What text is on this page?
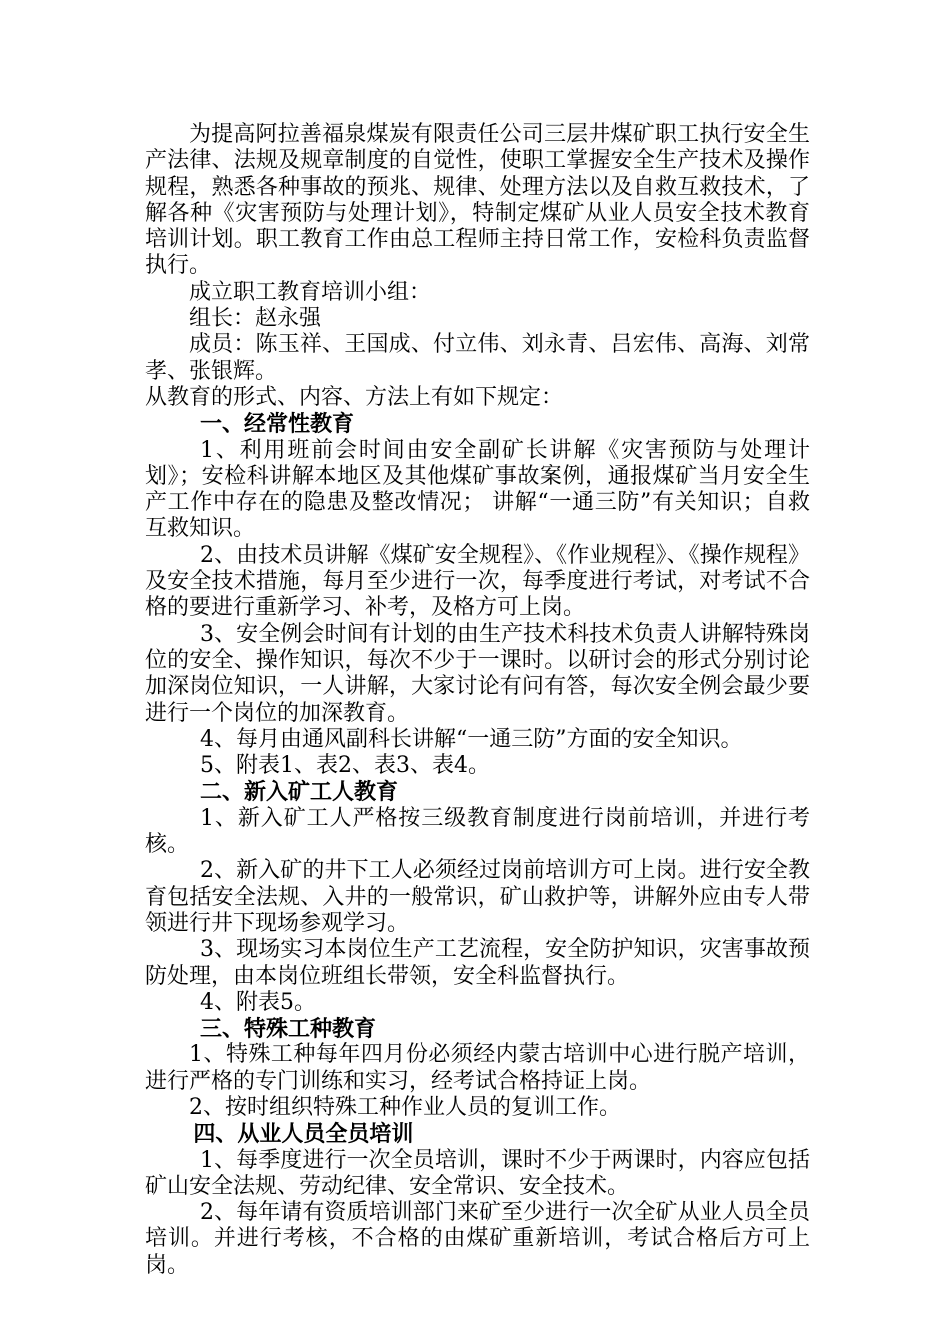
为提高阿拉善福泉煤炭有限责任公司三层井煤矿职工执行安全生产法律、法规及规章制度的自觉性，使职工掌握安全生产技术及操作规程，熟悉各种事故的预兆、规律、处理方法以及自救互救技术，了解各种《灾害预防与处理计划》，特制定煤矿从业人员安全技术教育培训计划。职工教育工作由总工程师主持日常工作，安检科负责监督执行。

成立职工教育培训小组：

组长：赵永强

成员：陈玉祥、王国成、付立伟、刘永青、吕宏伟、高海、刘常孝、张银辉。

从教育的形式、内容、方法上有如下规定：

一、经常性教育

1、利用班前会时间由安全副矿长讲解《灾害预防与处理计划》；安检科讲解本地区及其他煤矿事故案例，通报煤矿当月安全生产工作中存在的隐患及整改情况； 讲解“一通三防”有关知识；自救互救知识。

2、由技术员讲解《煤矿安全规程》、《作业规程》、《操作规程》及安全技术措施，每月至少进行一次，每季度进行考试，对考试不合格的要进行重新学习、补考，及格方可上岗。

3、安全例会时间有计划的由生产技术科技术负责人讲解特殊岗位的安全、操作知识，每次不少于一课时。以研讨会的形式分别讨论加深岗位知识，一人讲解，大家讨论有问有答，每次安全例会最少要进行一个岗位的加深教育。

4、每月由通风副科长讲解“一通三防”方面的安全知识。

5、附表1、表2、表3、表4。

二、新入矿工人教育

1、新入矿工人严格按三级教育制度进行岗前培训，并进行考核。

2、新入矿的井下工人必须经过岗前培训方可上岗。进行安全教育包括安全法规、入井的一般常识，矿山救护等，讲解外应由专人带领进行井下现场参观学习。

3、现场实习本岗位生产工艺流程，安全防护知识，灾害事故预防处理，由本岗位班组长带领，安全科监督执行。

4、附表5。

三、特殊工种教育

1、特殊工种每年四月份必须经内蒙古培训中心进行脱产培训，进行严格的专门训练和实习，经考试合格持证上岗。

2、按时组织特殊工种作业人员的复训工作。

四、从业人员全员培训

1、每季度进行一次全员培训，课时不少于两课时，内容应包括矿山安全法规、劳动纪律、安全常识、安全技术。

2、每年请有资质培训部门来矿至少进行一次全矿从业人员全员培训。并进行考核，不合格的由煤矿重新培训，考试合格后方可上岗。
